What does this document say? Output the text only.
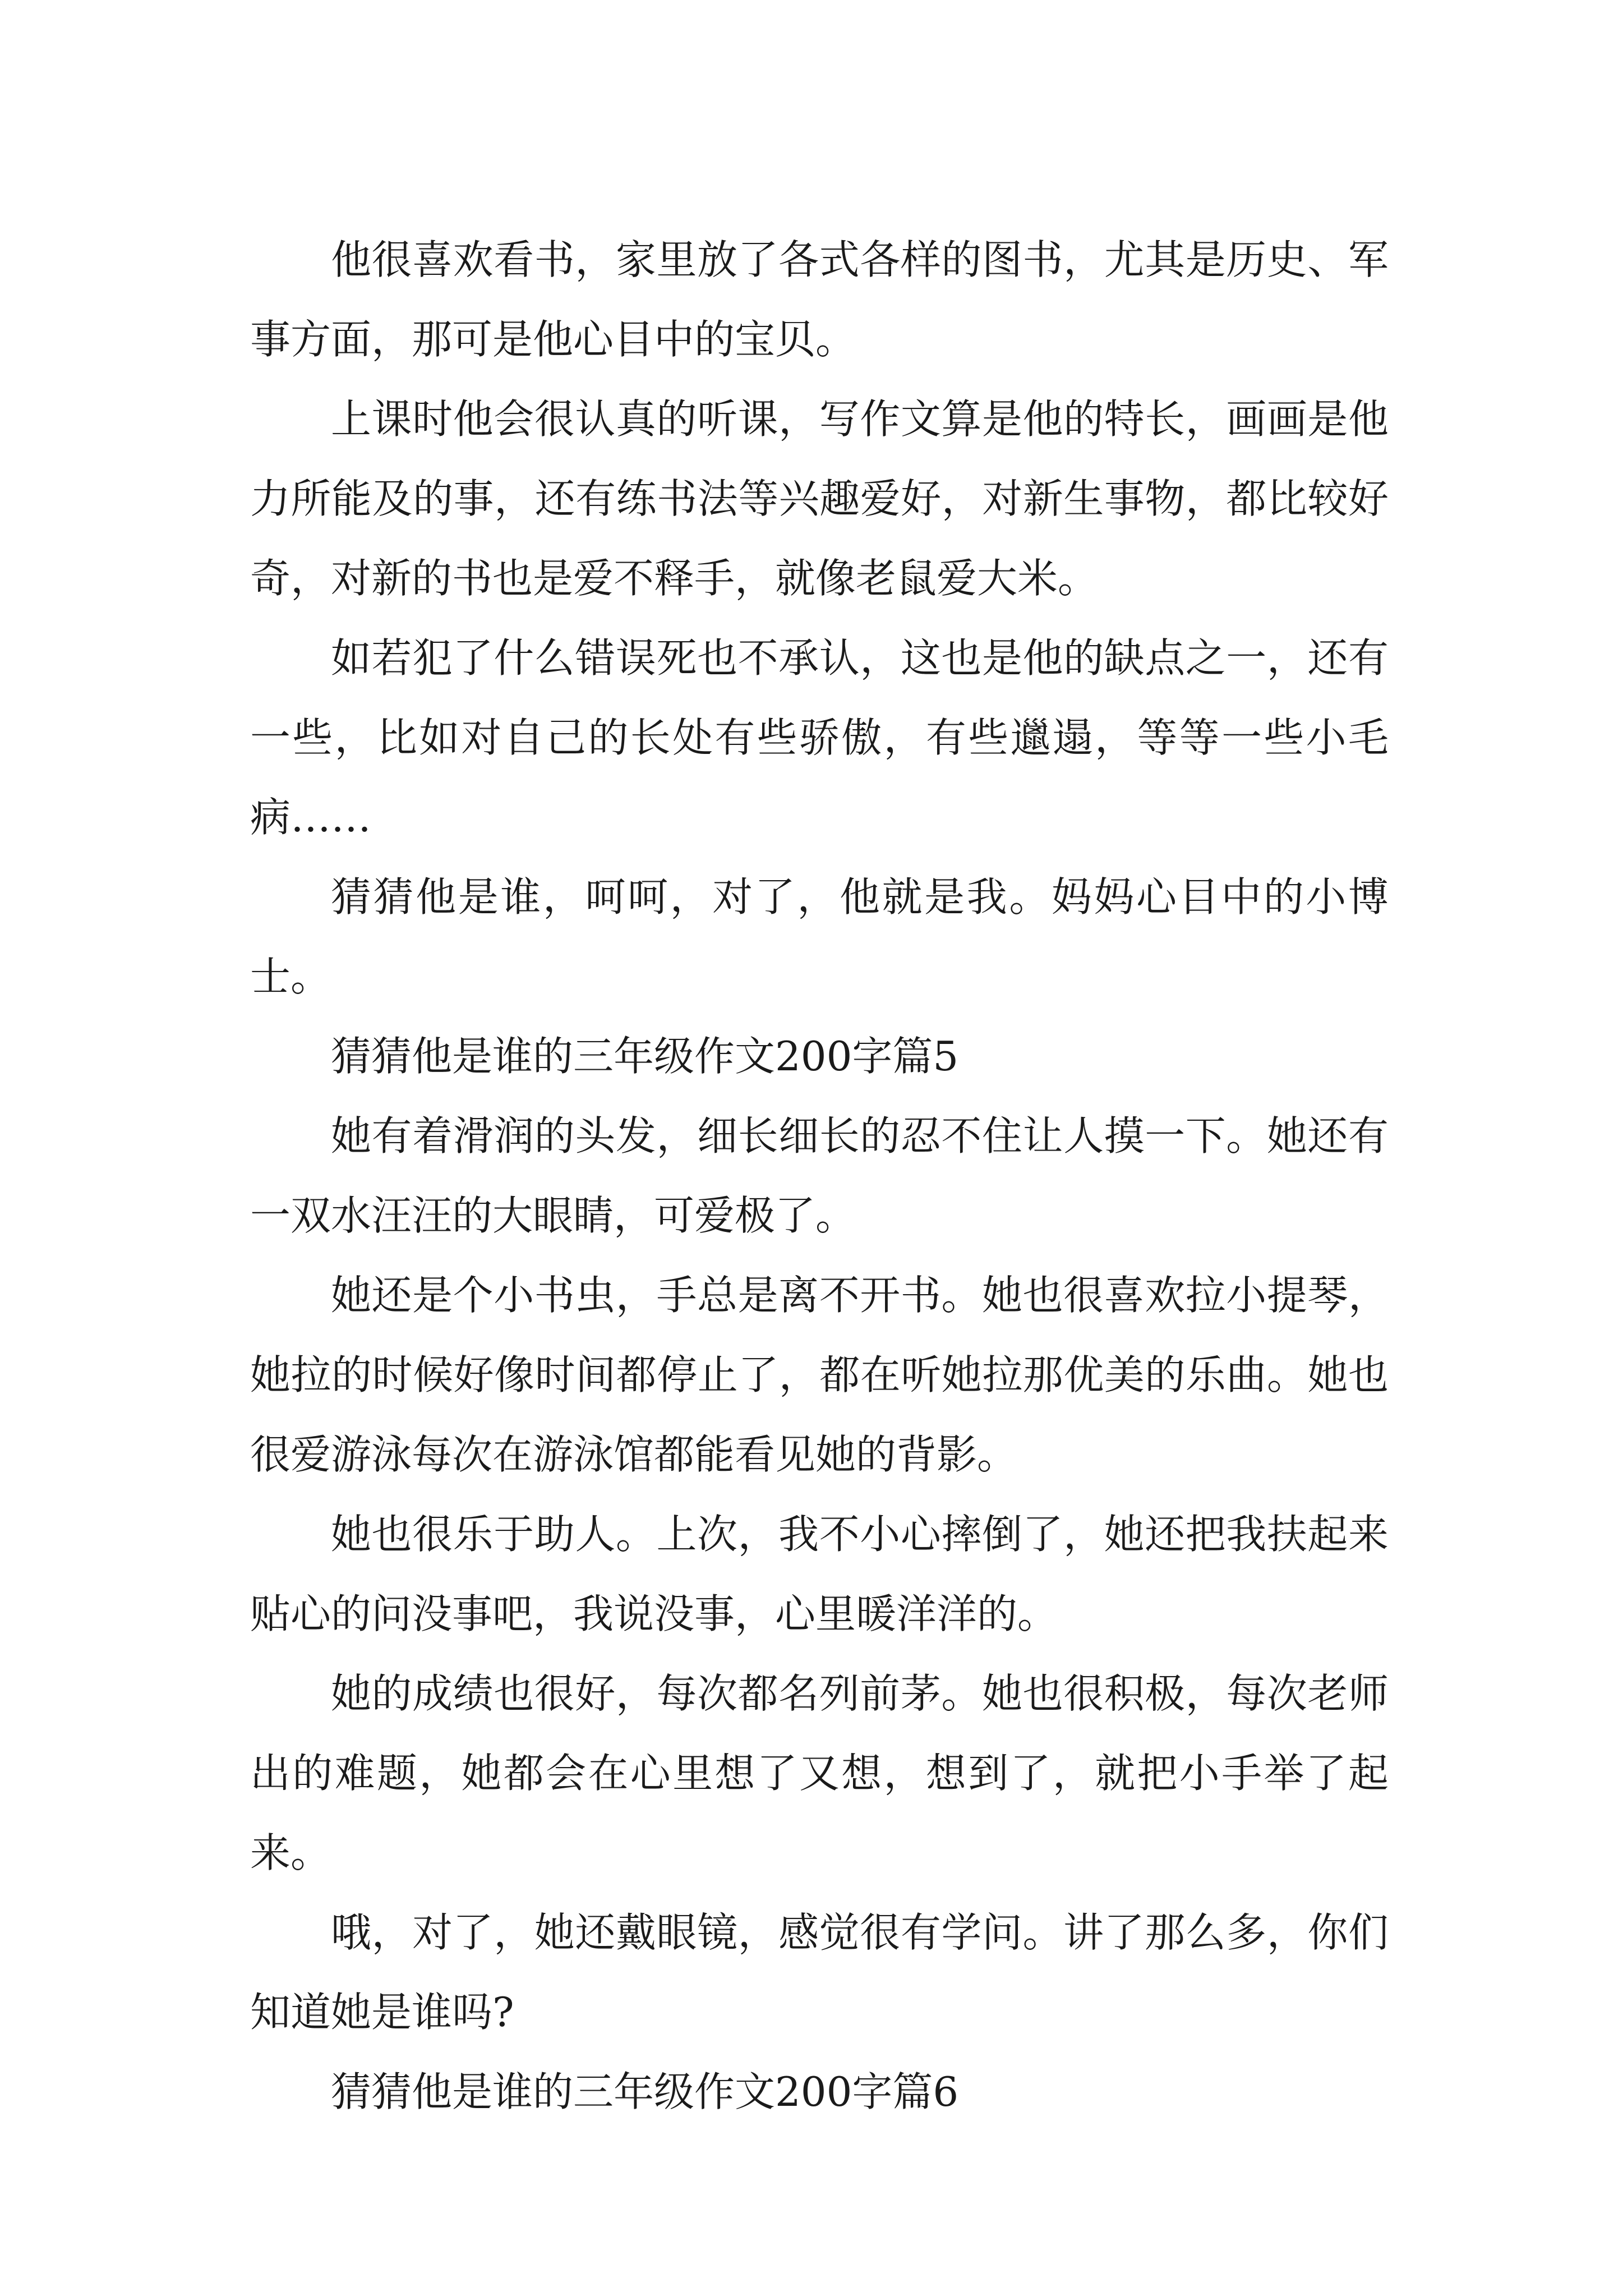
他很喜欢看书，家里放了各式各样的图书，尤其是历史、军事方面，那可是他心目中的宝贝。

上课时他会很认真的听课，写作文算是他的特长，画画是他力所能及的事，还有练书法等兴趣爱好，对新生事物，都比较好奇，对新的书也是爱不释手，就像老鼠爱大米。

如若犯了什么错误死也不承认，这也是他的缺点之一，还有一些，比如对自己的长处有些骄傲，有些邋遢，等等一些小毛病……

猜猜他是谁，呵呵，对了，他就是我。妈妈心目中的小博士。

猜猜他是谁的三年级作文200字篇5

她有着滑润的头发，细长细长的忍不住让人摸一下。她还有一双水汪汪的大眼睛，可爱极了。

她还是个小书虫，手总是离不开书。她也很喜欢拉小提琴，她拉的时候好像时间都停止了，都在听她拉那优美的乐曲。她也很爱游泳每次在游泳馆都能看见她的背影。

她也很乐于助人。上次，我不小心摔倒了，她还把我扶起来贴心的问没事吧，我说没事，心里暖洋洋的。

她的成绩也很好，每次都名列前茅。她也很积极，每次老师出的难题，她都会在心里想了又想，想到了，就把小手举了起来。

哦，对了，她还戴眼镜，感觉很有学问。讲了那么多，你们知道她是谁吗?

猜猜他是谁的三年级作文200字篇6
